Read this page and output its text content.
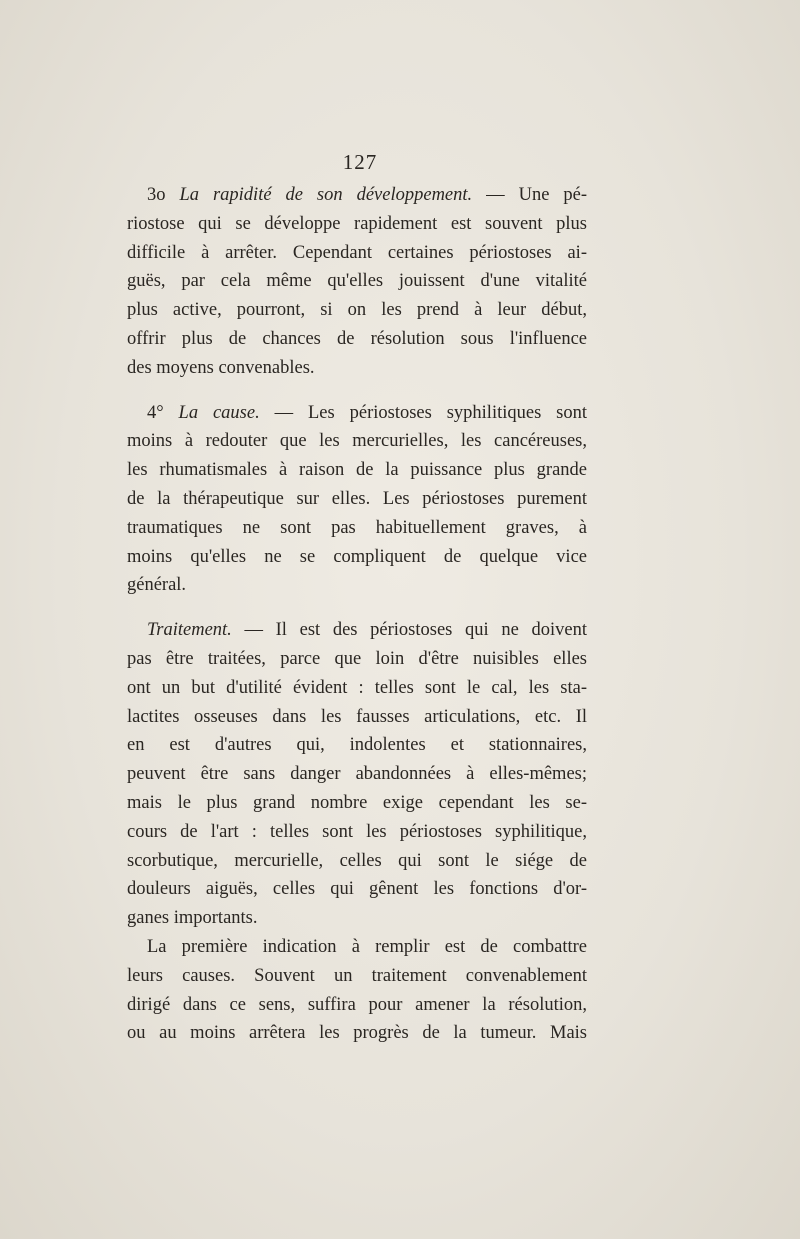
127

3o La rapidité de son développement. — Une pé-

riostose qui se développe rapidement est souvent plus

difficile à arrêter. Cependant certaines périostoses ai-

guës, par cela même qu'elles jouissent d'une vitalité

plus active, pourront, si on les prend à leur début,

offrir plus de chances de résolution sous l'influence

des moyens convenables.

4° La cause. — Les périostoses syphilitiques sont

moins à redouter que les mercurielles, les cancéreuses,

les rhumatismales à raison de la puissance plus grande

de la thérapeutique sur elles. Les périostoses purement

traumatiques ne sont pas habituellement graves, à

moins qu'elles ne se compliquent de quelque vice

général.

Traitement. — Il est des périostoses qui ne doivent

pas être traitées, parce que loin d'être nuisibles elles

ont un but d'utilité évident : telles sont le cal, les sta-

lactites osseuses dans les fausses articulations, etc. Il

en est d'autres qui, indolentes et stationnaires,

peuvent être sans danger abandonnées à elles-mêmes;

mais le plus grand nombre exige cependant les se-

cours de l'art : telles sont les périostoses syphilitique,

scorbutique, mercurielle, celles qui sont le siége de

douleurs aiguës, celles qui gênent les fonctions d'or-

ganes importants.

La première indication à remplir est de combattre

leurs causes. Souvent un traitement convenablement

dirigé dans ce sens, suffira pour amener la résolution,

ou au moins arrêtera les progrès de la tumeur. Mais
